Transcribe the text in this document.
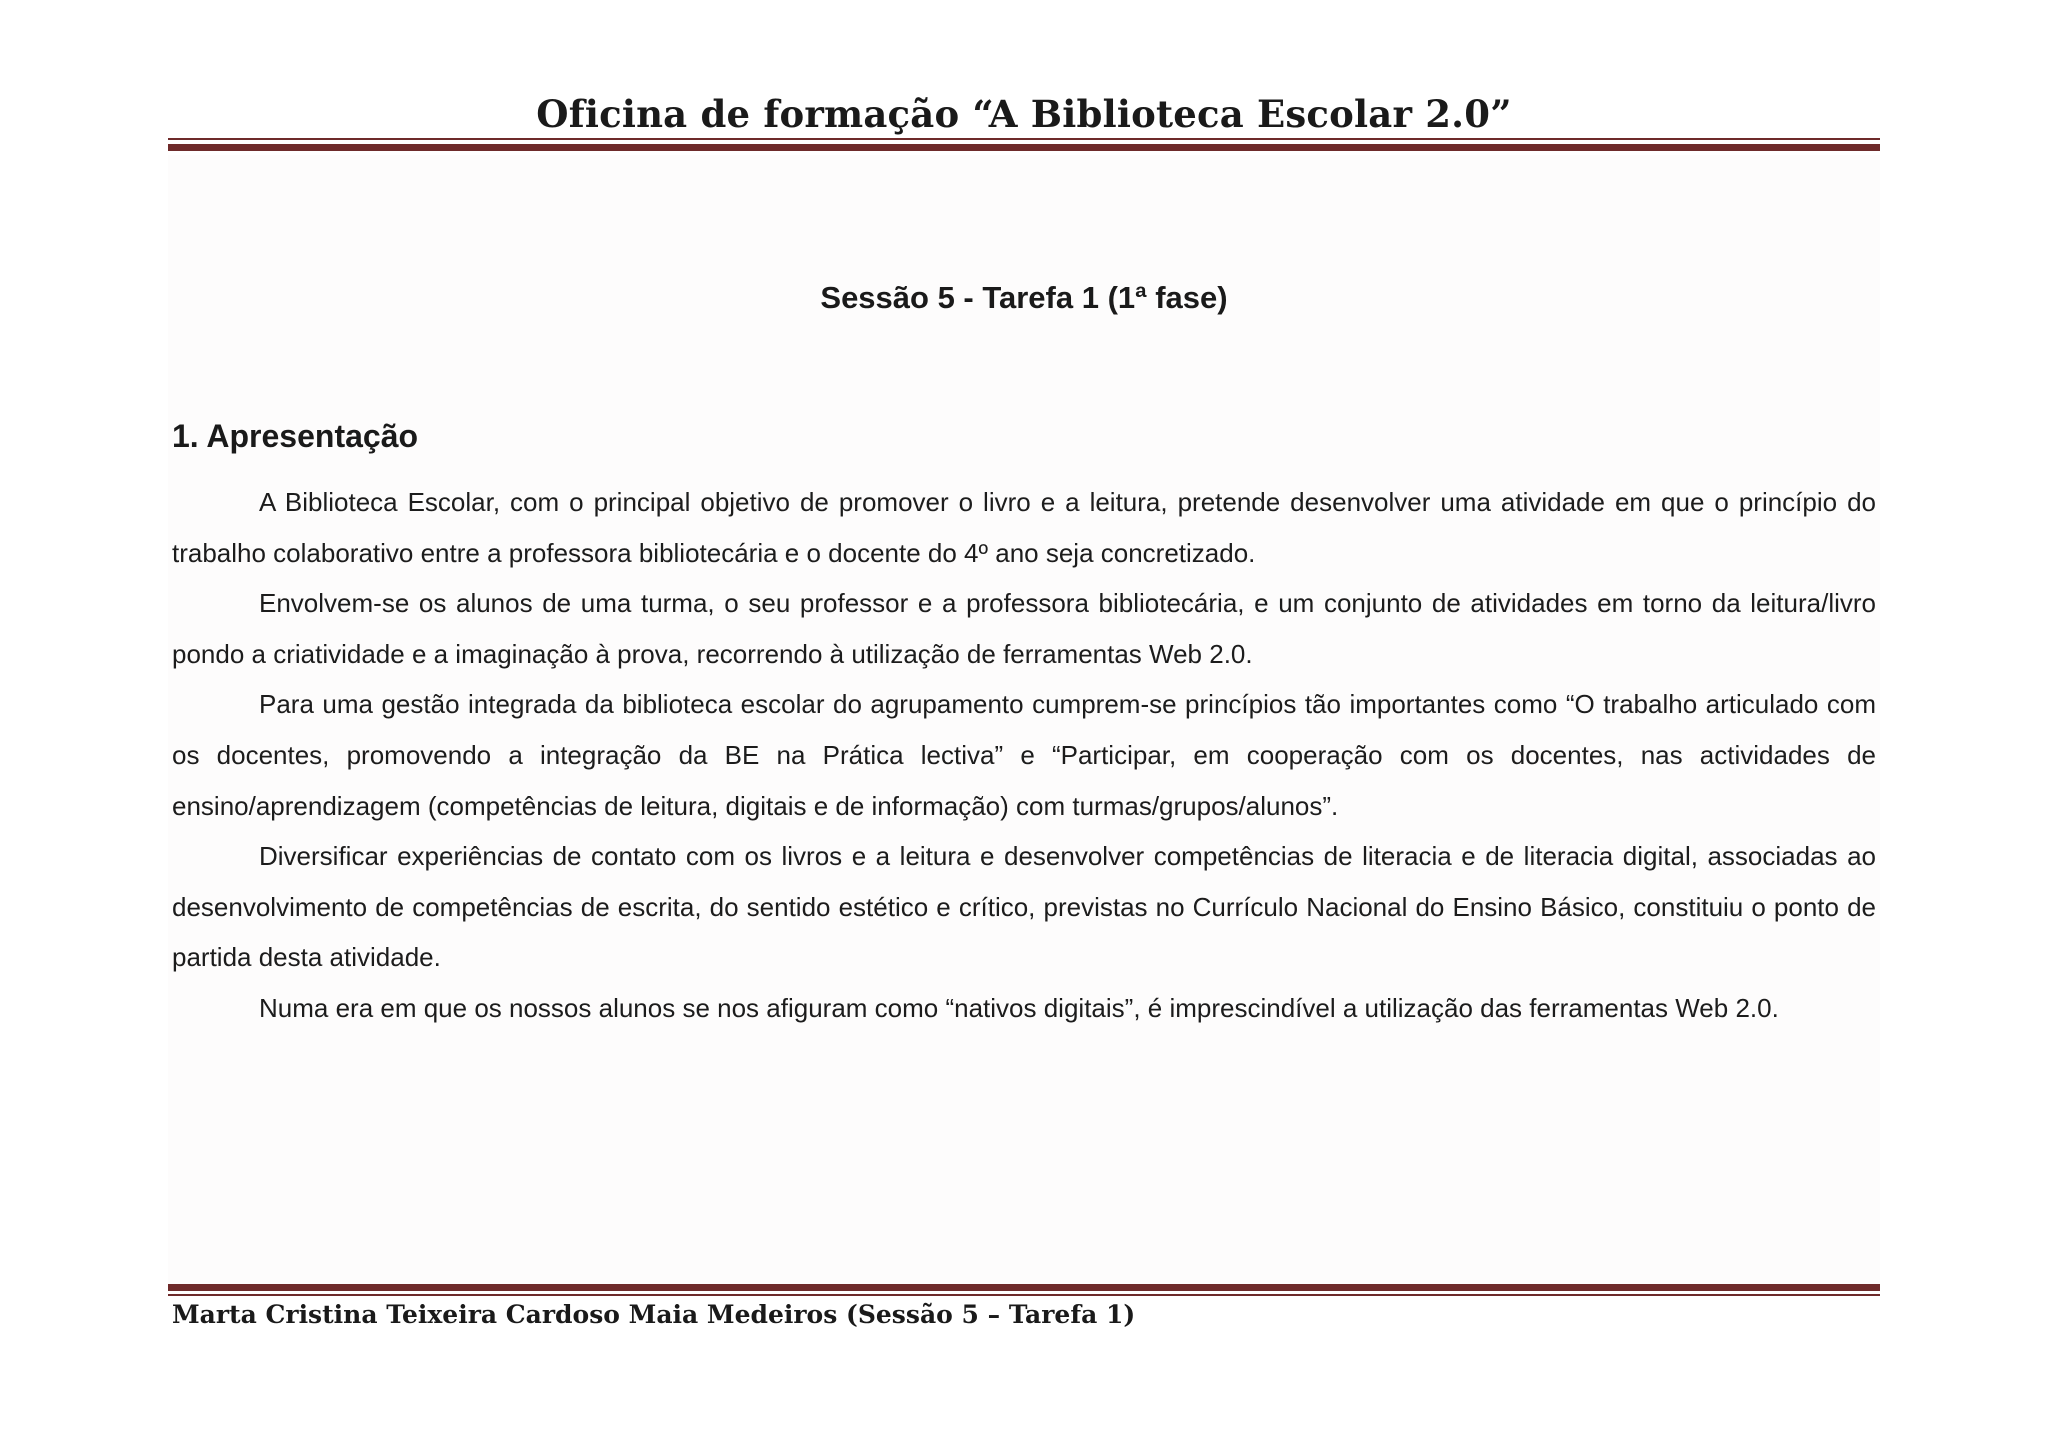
Oficina de formação “A Biblioteca Escolar 2.0”
Sessão 5 - Tarefa 1 (1ª fase)
1. Apresentação

A Biblioteca Escolar, com o principal objetivo de promover o livro e a leitura, pretende desenvolver uma atividade em que o princípio do trabalho colaborativo entre a professora bibliotecária e o docente do 4º ano seja concretizado.

Envolvem-se os alunos de uma turma, o seu professor e a professora bibliotecária, e um conjunto de atividades em torno da leitura/livro pondo a criatividade e a imaginação à prova, recorrendo à utilização de ferramentas Web 2.0.

Para uma gestão integrada da biblioteca escolar do agrupamento cumprem-se princípios tão importantes como “O trabalho articulado com os docentes, promovendo a integração da BE na Prática lectiva” e “Participar, em cooperação com os docentes, nas actividades de ensino/aprendizagem (competências de leitura, digitais e de informação) com turmas/grupos/alunos”.

Diversificar experiências de contato com os livros e a leitura e desenvolver competências de literacia e de literacia digital, associadas ao desenvolvimento de competências de escrita, do sentido estético e crítico, previstas no Currículo Nacional do Ensino Básico, constituiu o ponto de partida desta atividade.

Numa era em que os nossos alunos se nos afiguram como “nativos digitais”, é imprescindível a utilização das ferramentas Web 2.0.

Marta Cristina Teixeira Cardoso Maia Medeiros (Sessão 5 – Tarefa 1)
